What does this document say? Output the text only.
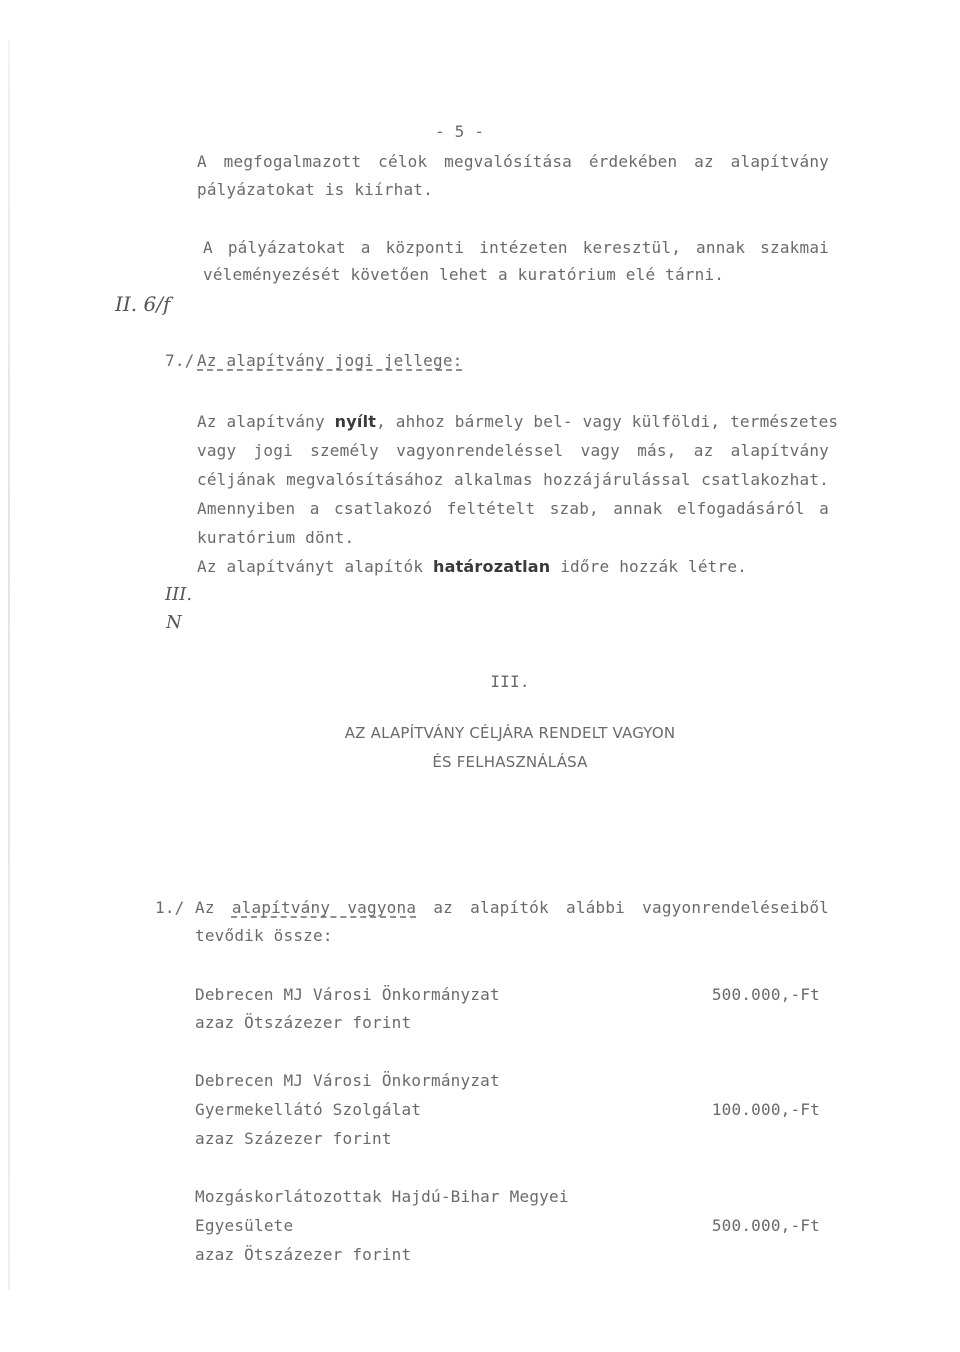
- 5 -
A megfogalmazott célok megvalósítása érdekében az alapítvány
pályázatokat is kiírhat.
A pályázatokat a központi intézeten keresztül, annak szakmai
véleményezését követően lehet a kuratórium elé tárni.
II. 6/f
7./ Az alapítvány jogi jellege:
Az alapítvány nyílt, ahhoz bármely bel- vagy külföldi, természetes
vagy jogi személy vagyonrendeléssel vagy más, az alapítvány
céljának megvalósításához alkalmas hozzájárulással csatlakozhat.
Amennyiben a csatlakozó feltételt szab, annak elfogadásáról a
kuratórium dönt.
Az alapítványt alapítók határozatlan időre hozzák létre.
III.
N
III.
AZ ALAPÍTVÁNY CÉLJÁRA RENDELT VAGYON
ÉS FELHASZNÁLÁSA
1./ Az alapítvány vagyona az alapítók alábbi vagyonrendeléseiből
tevődik össze:
Debrecen MJ Városi Önkormányzat
azaz Ötszázezer forint
500.000,-Ft
Debrecen MJ Városi Önkormányzat
Gyermekellátó Szolgálat
azaz Százezer forint
100.000,-Ft
Mozgáskorlátozottak Hajdú-Bihar Megyei
Egyesülete
azaz Ötszázezer forint
500.000,-Ft
